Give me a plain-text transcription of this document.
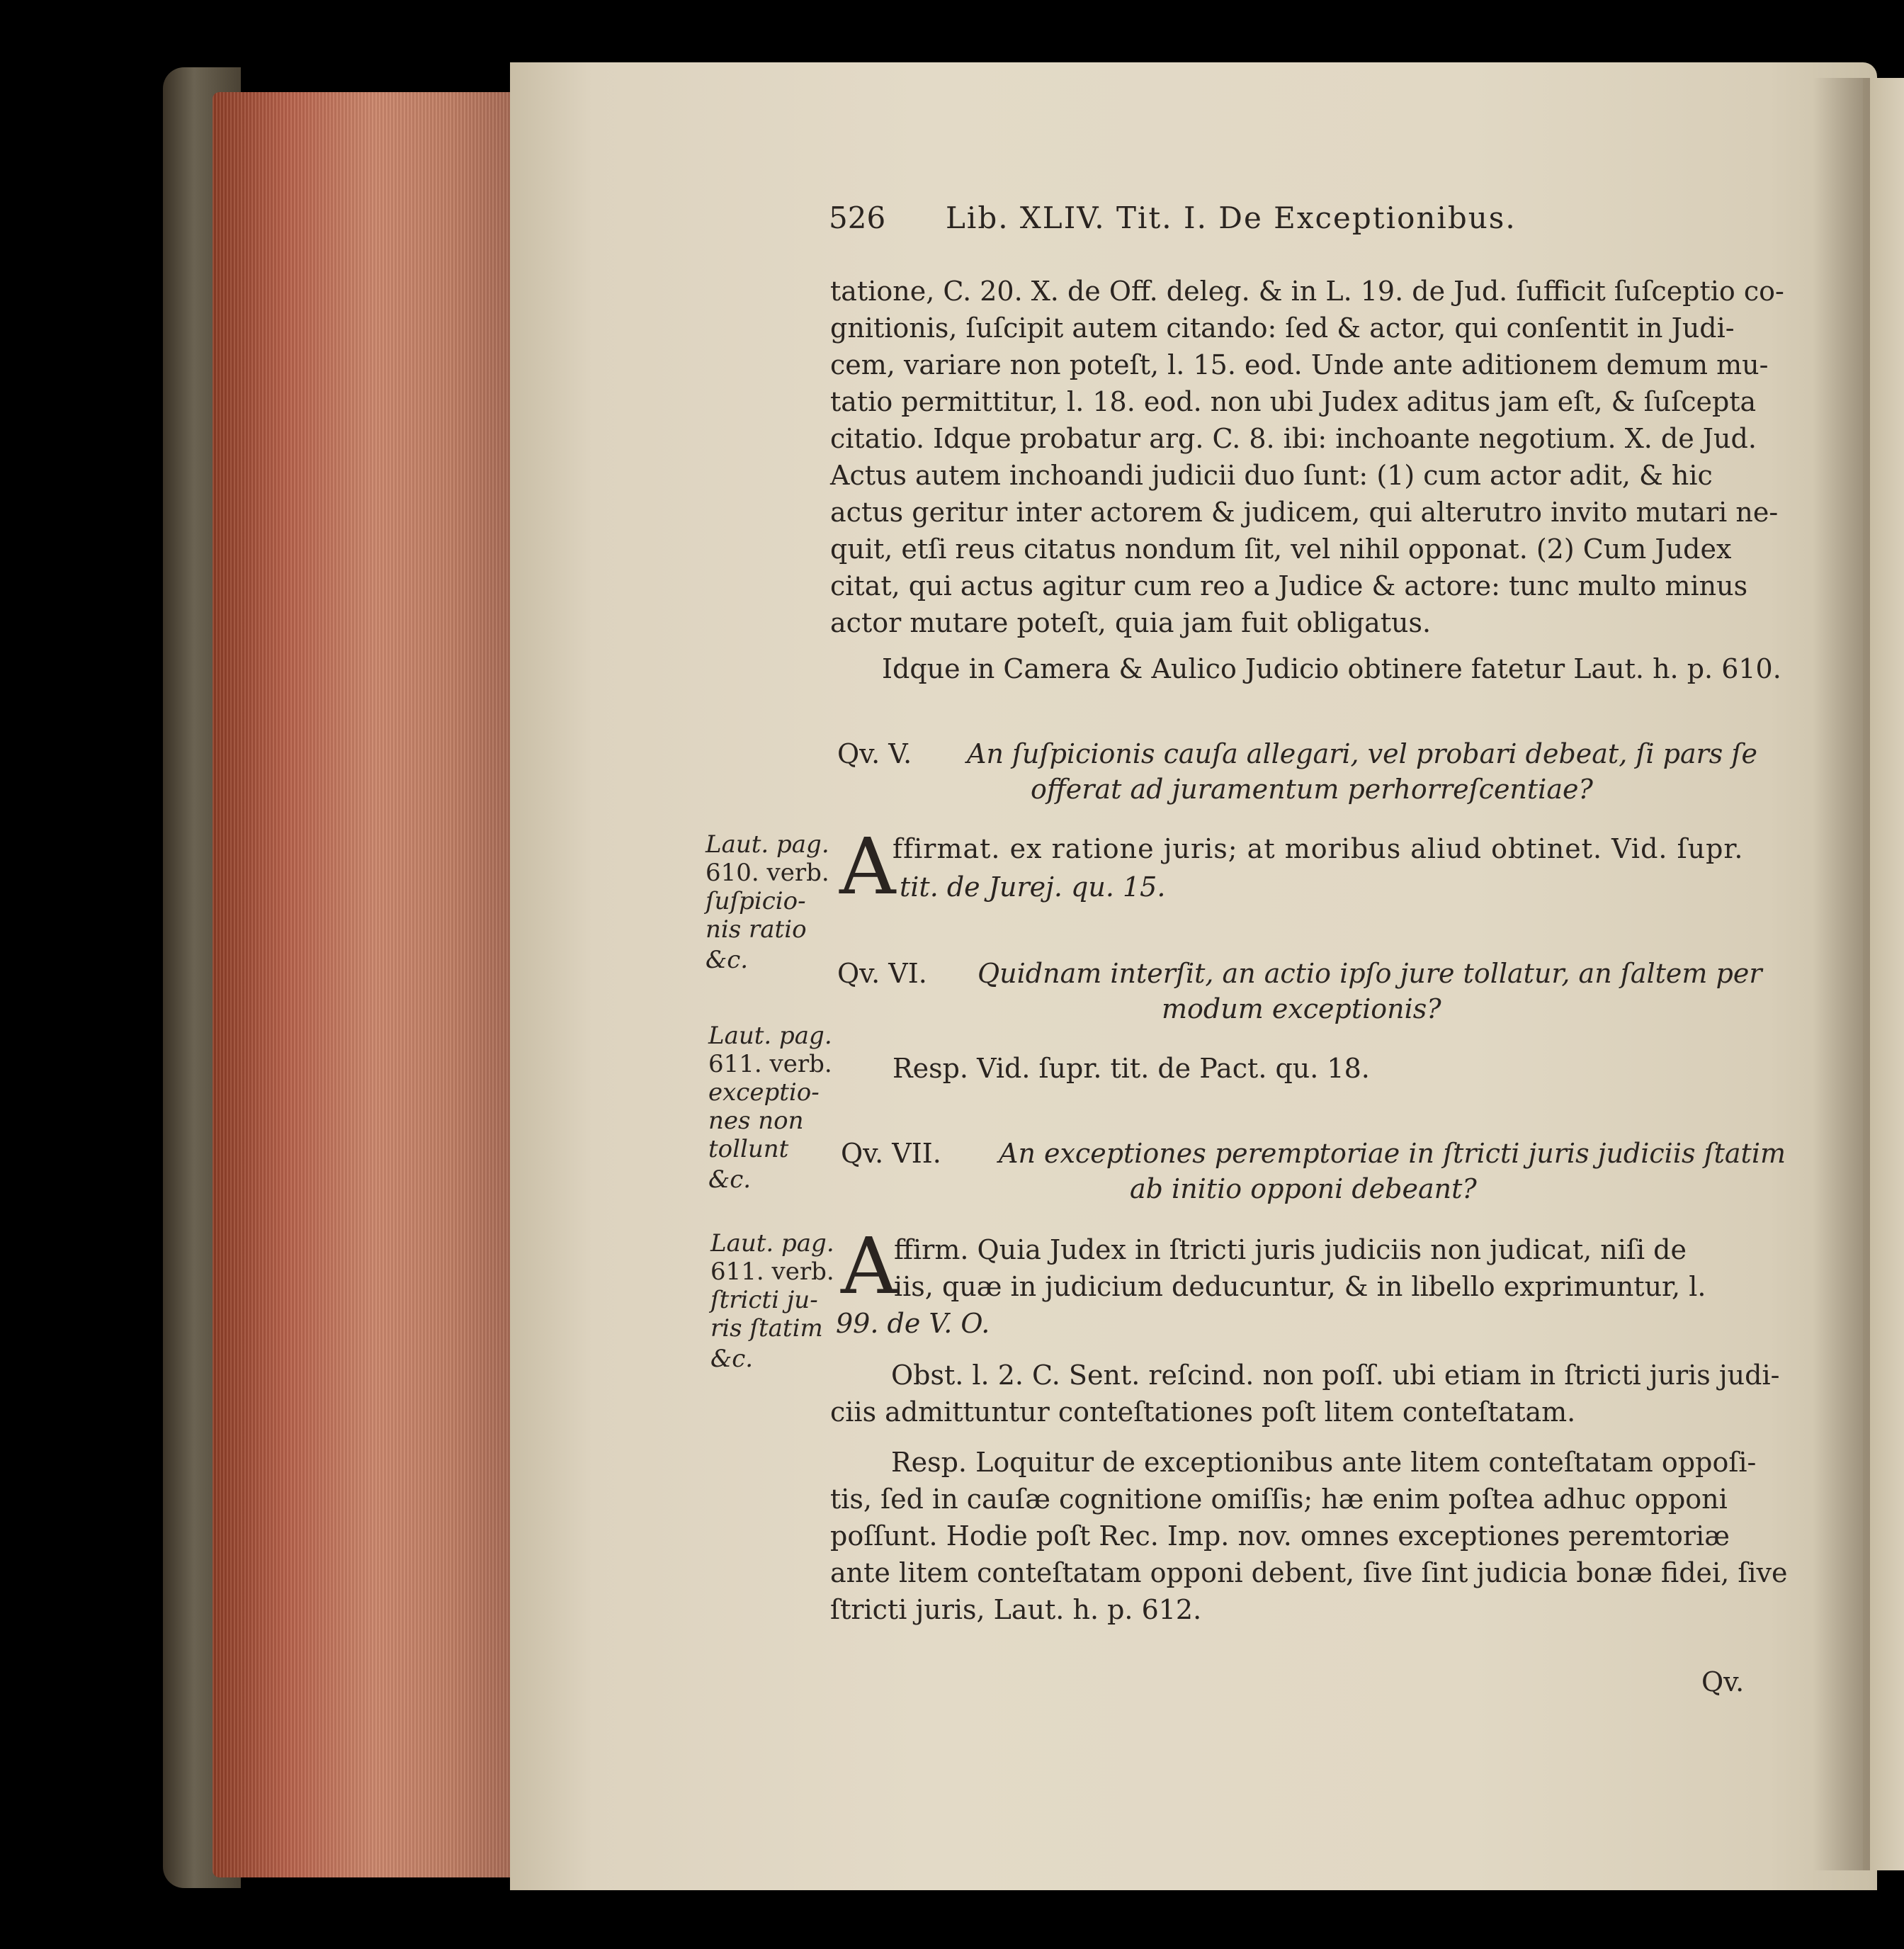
526 Lib. XLIV. Tit. I. De Exceptionibus.
tatione, C. 20. X. de Off. deleg. & in L. 19. de Jud. ſufficit ſuſceptio co-
gnitionis, ſuſcipit autem citando: ſed & actor, qui conſentit in Judi-
cem, variare non poteſt, l. 15. eod. Unde ante aditionem demum mu-
tatio permittitur, l. 18. eod. non ubi Judex aditus jam eſt, & ſuſcepta
citatio. Idque probatur arg. C. 8. ibi: inchoante negotium. X. de Jud.
Actus autem inchoandi judicii duo ſunt: (1) cum actor adit, & hic
actus geritur inter actorem & judicem, qui alterutro invito mutari ne-
quit, etſi reus citatus nondum ſit, vel nihil opponat. (2) Cum Judex
citat, qui actus agitur cum reo a Judice & actore: tunc multo minus
actor mutare poteſt, quia jam fuit obligatus.
Idque in Camera & Aulico Judicio obtinere fatetur Laut. h. p. 610.
Qv. V. An ſuſpicionis cauſa allegari, vel probari debeat, ſi pars ſe
offerat ad juramentum perhorreſcentiae?
A
ffirmat. ex ratione juris; at moribus aliud obtinet. Vid. ſupr.
tit. de Jurej. qu. 15.
Qv. VI. Quidnam interſit, an actio ipſo jure tollatur, an ſaltem per
modum exceptionis?
Resp. Vid. ſupr. tit. de Pact. qu. 18.
Qv. VII. An exceptiones peremptoriae in ſtricti juris judiciis ſtatim
ab initio opponi debeant?
A
ffirm. Quia Judex in ſtricti juris judiciis non judicat, niſi de
iis, quæ in judicium deducuntur, & in libello exprimuntur, l.
99. de V. O.
Obst. l. 2. C. Sent. reſcind. non poſſ. ubi etiam in ſtricti juris judi-
ciis admittuntur conteſtationes poſt litem conteſtatam.
Resp. Loquitur de exceptionibus ante litem conteſtatam oppoſi-
tis, ſed in cauſæ cognitione omiſſis; hæ enim poſtea adhuc opponi
poſſunt. Hodie poſt Rec. Imp. nov. omnes exceptiones peremtoriæ
ante litem conteſtatam opponi debent, ſive ſint judicia bonæ fidei, ſive
ſtricti juris, Laut. h. p. 612.
Laut. pag.
610. verb.
ſuſpicio-
nis ratio
&c.
Laut. pag.
611. verb.
exceptio-
nes non
tollunt
&c.
Laut. pag.
611. verb.
ſtricti ju-
ris ſtatim
&c.
Qv.
